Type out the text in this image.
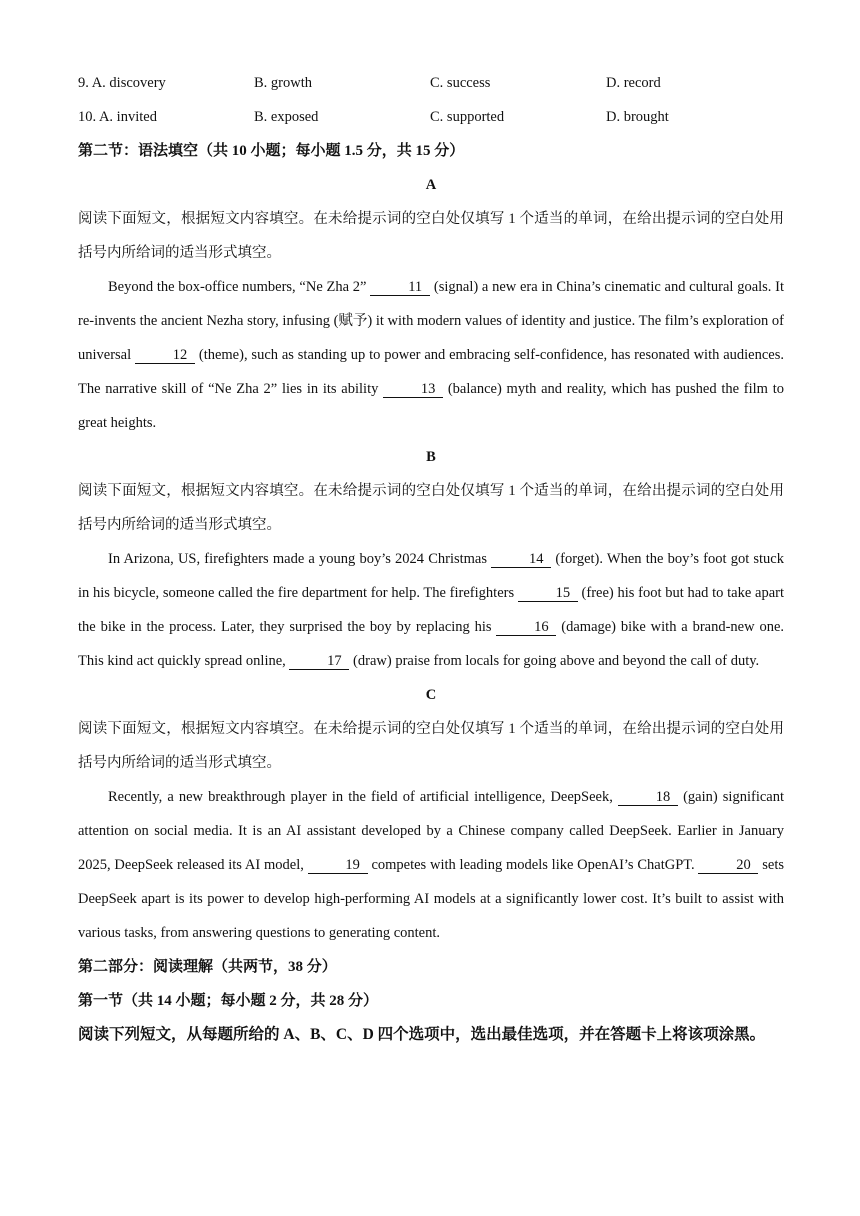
9. A. discovery	B. growth	C. success	D. record
10. A. invited	B. exposed	C. supported	D. brought
第二节：语法填空（共 10 小题；每小题 1.5 分，共 15 分）
A
阅读下面短文，根据短文内容填空。在未给提示词的空白处仅填写 1 个适当的单词，在给出提示词的空白处用括号内所给词的适当形式填空。
Beyond the box-office numbers, “Ne Zha 2”	11 (signal) a new era in China’s cinematic and cultural goals. It re-invents the ancient Nezha story, infusing (赋予) it with modern values of identity and justice. The film’s exploration of universal	12 (theme), such as standing up to power and embracing self-confidence, has resonated with audiences. The narrative skill of “Ne Zha 2” lies in its ability	13 (balance) myth and reality, which has pushed the film to great heights.
B
阅读下面短文，根据短文内容填空。在未给提示词的空白处仅填写 1 个适当的单词，在给出提示词的空白处用括号内所给词的适当形式填空。
In Arizona, US, firefighters made a young boy’s 2024 Christmas	14 (forget). When the boy’s foot got stuck in his bicycle, someone called the fire department for help. The firefighters	15 (free) his foot but had to take apart the bike in the process. Later, they surprised the boy by replacing his	16 (damage) bike with a brand-new one. This kind act quickly spread online,	17 (draw) praise from locals for going above and beyond the call of duty.
C
阅读下面短文，根据短文内容填空。在未给提示词的空白处仅填写 1 个适当的单词，在给出提示词的空白处用括号内所给词的适当形式填空。
Recently, a new breakthrough player in the field of artificial intelligence, DeepSeek,	18 (gain) significant attention on social media. It is an AI assistant developed by a Chinese company called DeepSeek. Earlier in January 2025, DeepSeek released its AI model,	19 competes with leading models like OpenAI’s ChatGPT.	20 sets DeepSeek apart is its power to develop high-performing AI models at a significantly lower cost. It’s built to assist with various tasks, from answering questions to generating content.
第二部分：阅读理解（共两节，38 分）
第一节（共 14 小题；每小题 2 分，共 28 分）
阅读下列短文，从每题所给的 A、B、C、D 四个选项中，选出最佳选项，并在答题卡上将该项涂黑。
